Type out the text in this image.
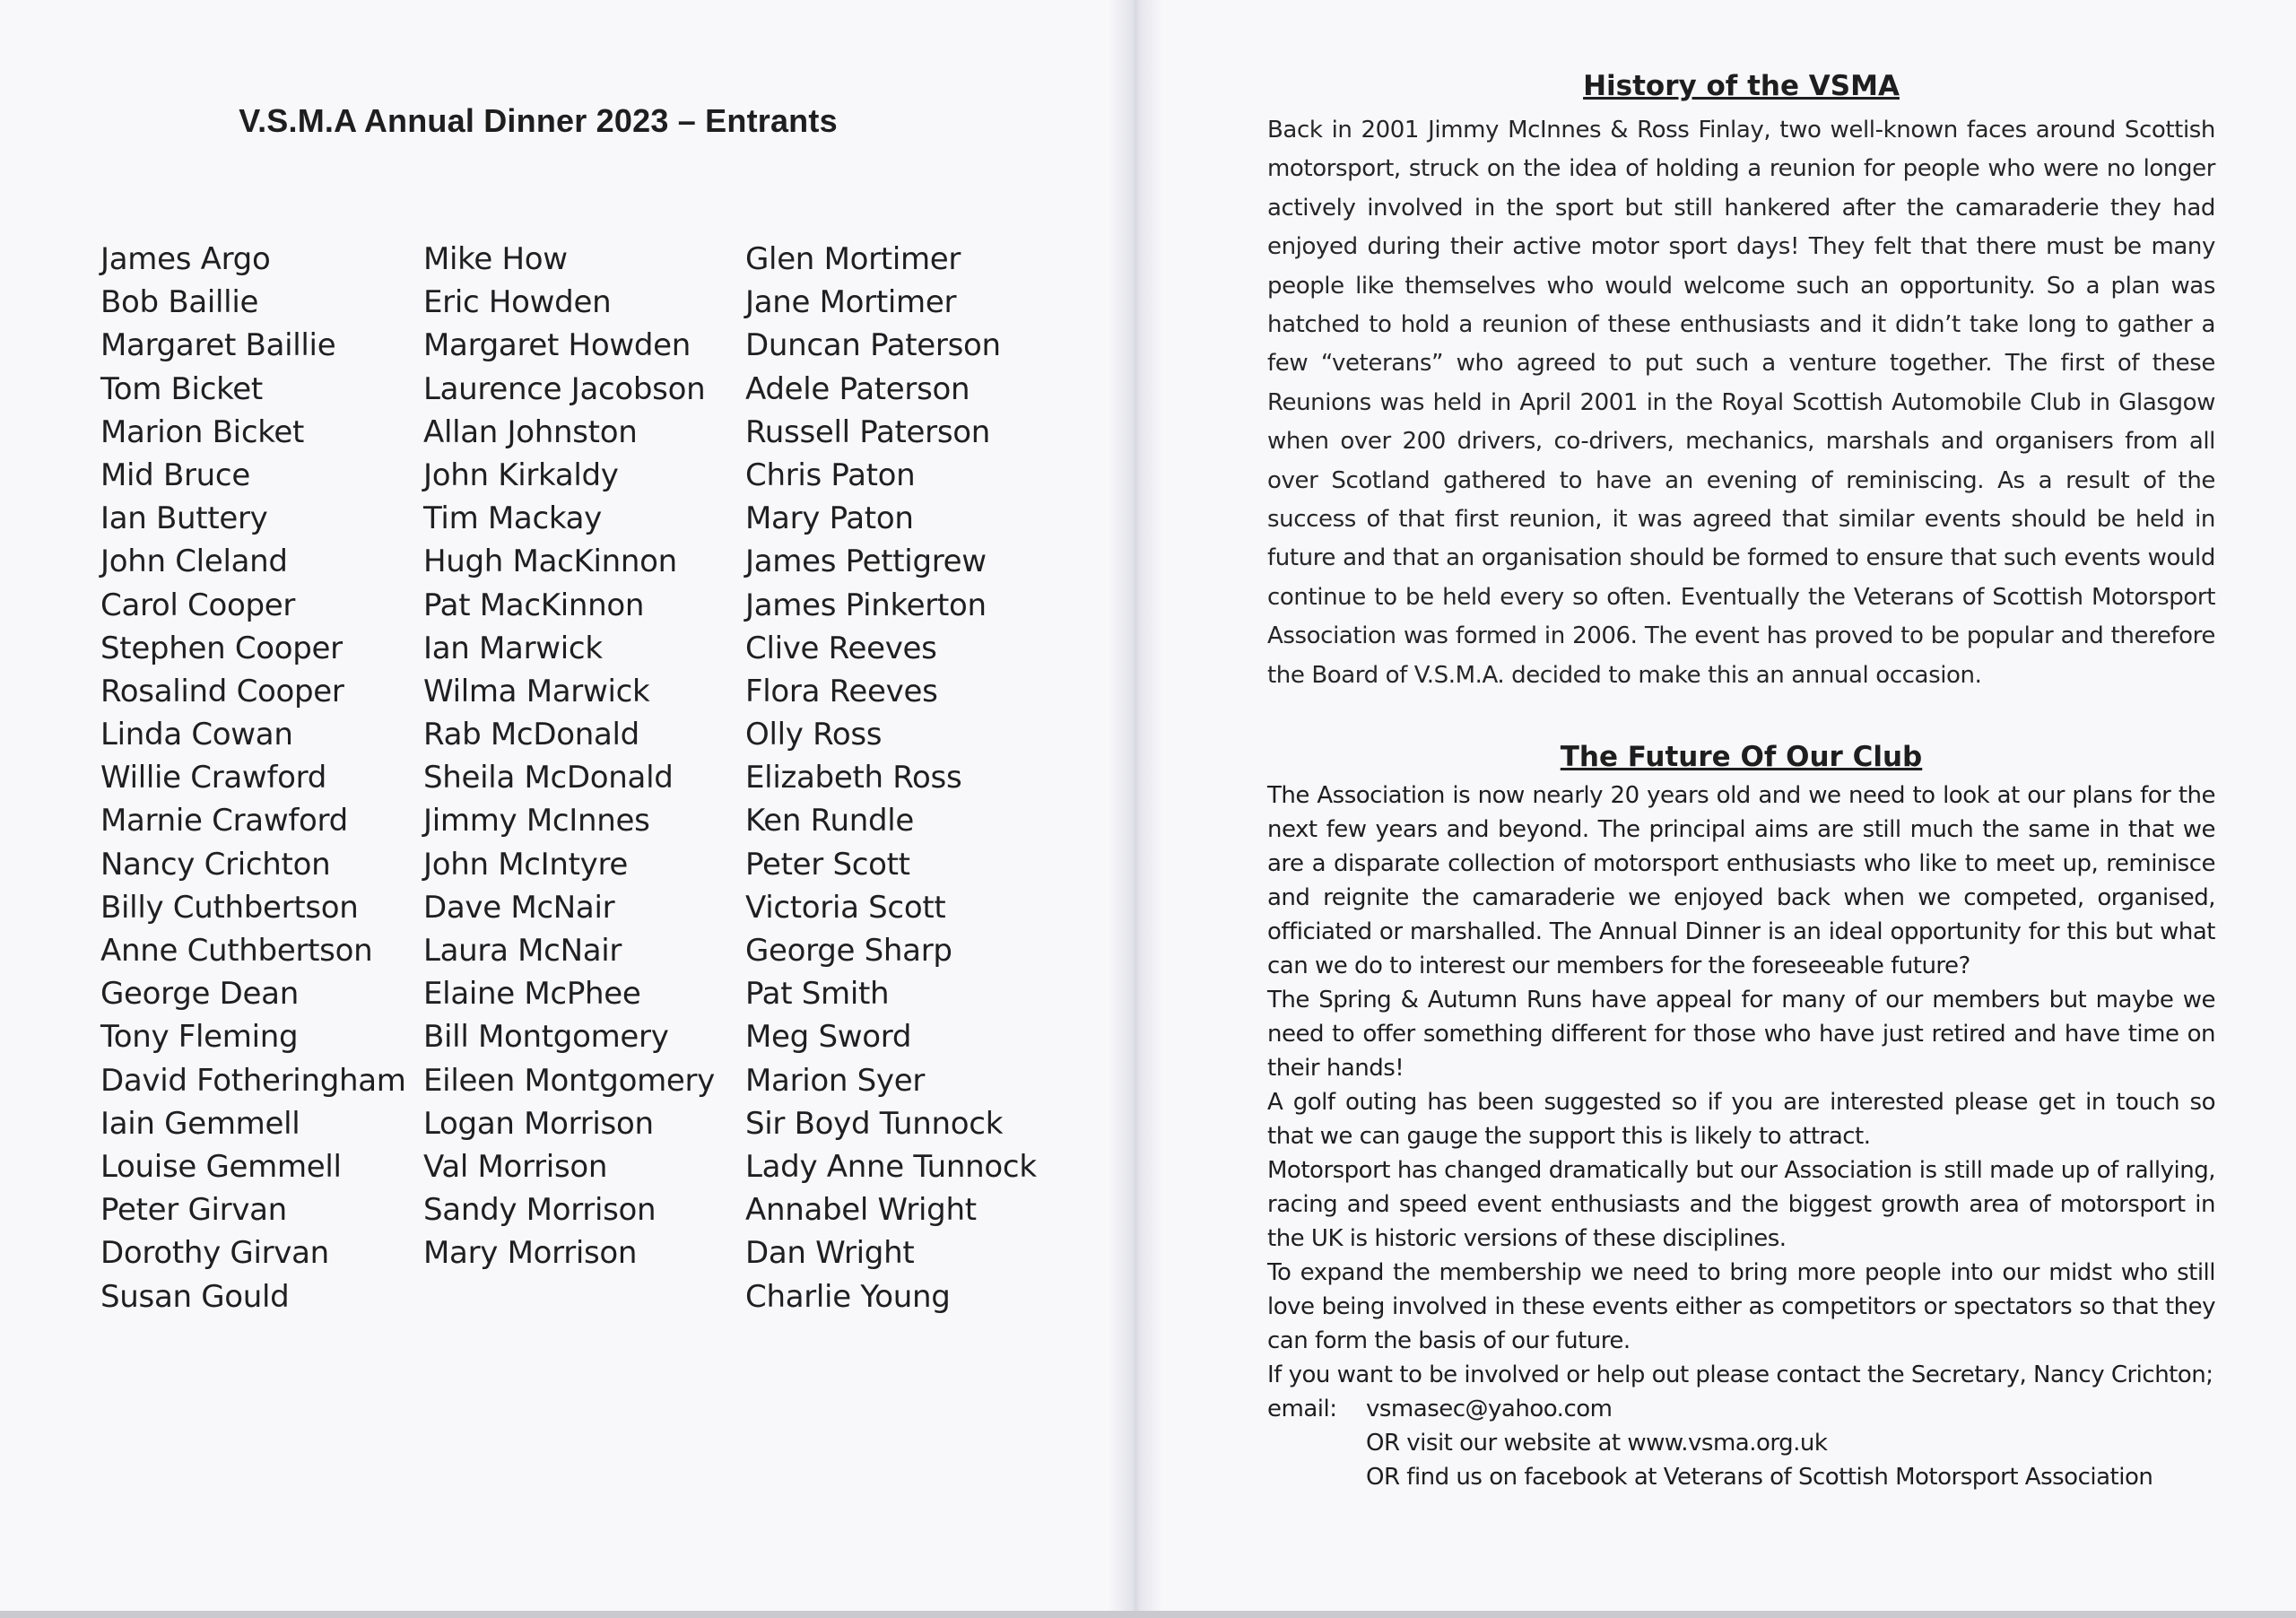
V.S.M.A Annual Dinner 2023 – Entrants
James Argo
Bob Baillie
Margaret Baillie
Tom Bicket
Marion Bicket
Mid Bruce
Ian Buttery
John Cleland
Carol Cooper
Stephen Cooper
Rosalind Cooper
Linda Cowan
Willie Crawford
Marnie Crawford
Nancy Crichton
Billy Cuthbertson
Anne Cuthbertson
George Dean
Tony Fleming
David Fotheringham
Iain Gemmell
Louise Gemmell
Peter Girvan
Dorothy Girvan
Susan Gould
Mike How
Eric Howden
Margaret Howden
Laurence Jacobson
Allan Johnston
John Kirkaldy
Tim Mackay
Hugh MacKinnon
Pat MacKinnon
Ian Marwick
Wilma Marwick
Rab McDonald
Sheila McDonald
Jimmy McInnes
John McIntyre
Dave McNair
Laura McNair
Elaine McPhee
Bill Montgomery
Eileen Montgomery
Logan Morrison
Val Morrison
Sandy Morrison
Mary Morrison
Glen Mortimer
Jane Mortimer
Duncan Paterson
Adele Paterson
Russell Paterson
Chris Paton
Mary Paton
James Pettigrew
James Pinkerton
Clive Reeves
Flora Reeves
Olly Ross
Elizabeth Ross
Ken Rundle
Peter Scott
Victoria Scott
George Sharp
Pat Smith
Meg Sword
Marion Syer
Sir Boyd Tunnock
Lady Anne Tunnock
Annabel Wright
Dan Wright
Charlie Young
History of the VSMA

Back in 2001 Jimmy McInnes & Ross Finlay, two well-known faces around Scottish motorsport, struck on the idea of holding a reunion for people who were no longer actively involved in the sport but still hankered after the camaraderie they had enjoyed during their active motor sport days! They felt that there must be many people like themselves who would welcome such an opportunity. So a plan was hatched to hold a reunion of these enthusiasts and it didn’t take long to gather a few “veterans” who agreed to put such a venture together. The first of these Reunions was held in April 2001 in the Royal Scottish Automobile Club in Glasgow when over 200 drivers, co-drivers, mechanics, marshals and organisers from all over Scotland gathered to have an evening of reminiscing. As a result of the success of that first reunion, it was agreed that similar events should be held in future and that an organisation should be formed to ensure that such events would continue to be held every so often. Eventually the Veterans of Scottish Motorsport Association was formed in 2006. The event has proved to be popular and therefore the Board of V.S.M.A. decided to make this an annual occasion.

The Future Of Our Club

The Association is now nearly 20 years old and we need to look at our plans for the next few years and beyond. The principal aims are still much the same in that we are a disparate collection of motorsport enthusiasts who like to meet up, reminisce and reignite the camaraderie we enjoyed back when we competed, organised, officiated or marshalled. The Annual Dinner is an ideal opportunity for this but what can we do to interest our members for the foreseeable future?

The Spring & Autumn Runs have appeal for many of our members but maybe we need to offer something different for those who have just retired and have time on their hands!

A golf outing has been suggested so if you are interested please get in touch so that we can gauge the support this is likely to attract.

Motorsport has changed dramatically but our Association is still made up of rallying, racing and speed event enthusiasts and the biggest growth area of motorsport in the UK is historic versions of these disciplines.

To expand the membership we need to bring more people into our midst who still love being involved in these events either as competitors or spectators so that they can form the basis of our future.

If you want to be involved or help out please contact the Secretary, Nancy Crichton;

email:	vsmasec@yahoo.com

OR visit our website at www.vsma.org.uk

OR find us on facebook at Veterans of Scottish Motorsport Association
